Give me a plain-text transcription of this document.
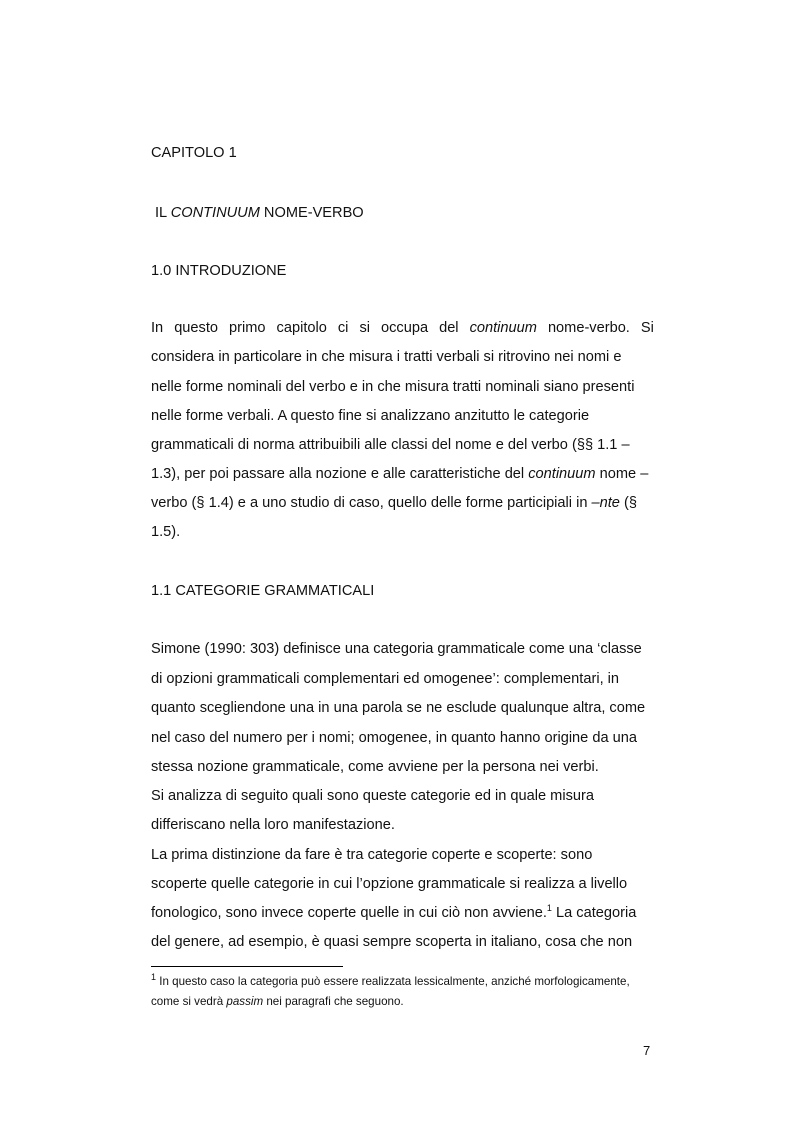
CAPITOLO 1
IL CONTINUUM NOME-VERBO
1.0 INTRODUZIONE
In questo primo capitolo ci si occupa del continuum nome-verbo. Si
considera in particolare in che misura i tratti verbali si ritrovino nei nomi e
nelle forme nominali del verbo e in che misura tratti nominali siano presenti
nelle forme verbali. A questo fine si analizzano anzitutto le categorie
grammaticali di norma attribuibili alle classi del nome e del verbo (§§ 1.1 –
1.3), per poi passare alla nozione e alle caratteristiche del continuum nome –
verbo (§ 1.4) e a uno studio di caso, quello delle forme participiali in –nte (§
1.5).
1.1 CATEGORIE GRAMMATICALI
Simone (1990: 303) definisce una categoria grammaticale come una ‘classe
di opzioni grammaticali complementari ed omogenee’: complementari, in
quanto scegliendone una in una parola se ne esclude qualunque altra, come
nel caso del numero per i nomi; omogenee, in quanto hanno origine da una
stessa nozione grammaticale, come avviene per la persona nei verbi.
Si analizza di seguito quali sono queste categorie ed in quale misura
differiscano nella loro manifestazione.
La prima distinzione da fare è tra categorie coperte e scoperte: sono
scoperte quelle categorie in cui l’opzione grammaticale si realizza a livello
fonologico, sono invece coperte quelle in cui ciò non avviene.$^1$ La categoria
del genere, ad esempio, è quasi sempre scoperta in italiano, cosa che non
$^1$ In questo caso la categoria può essere realizzata lessicalmente, anziché morfologicamente,
come si vedrà passim nei paragrafi che seguono.
7
